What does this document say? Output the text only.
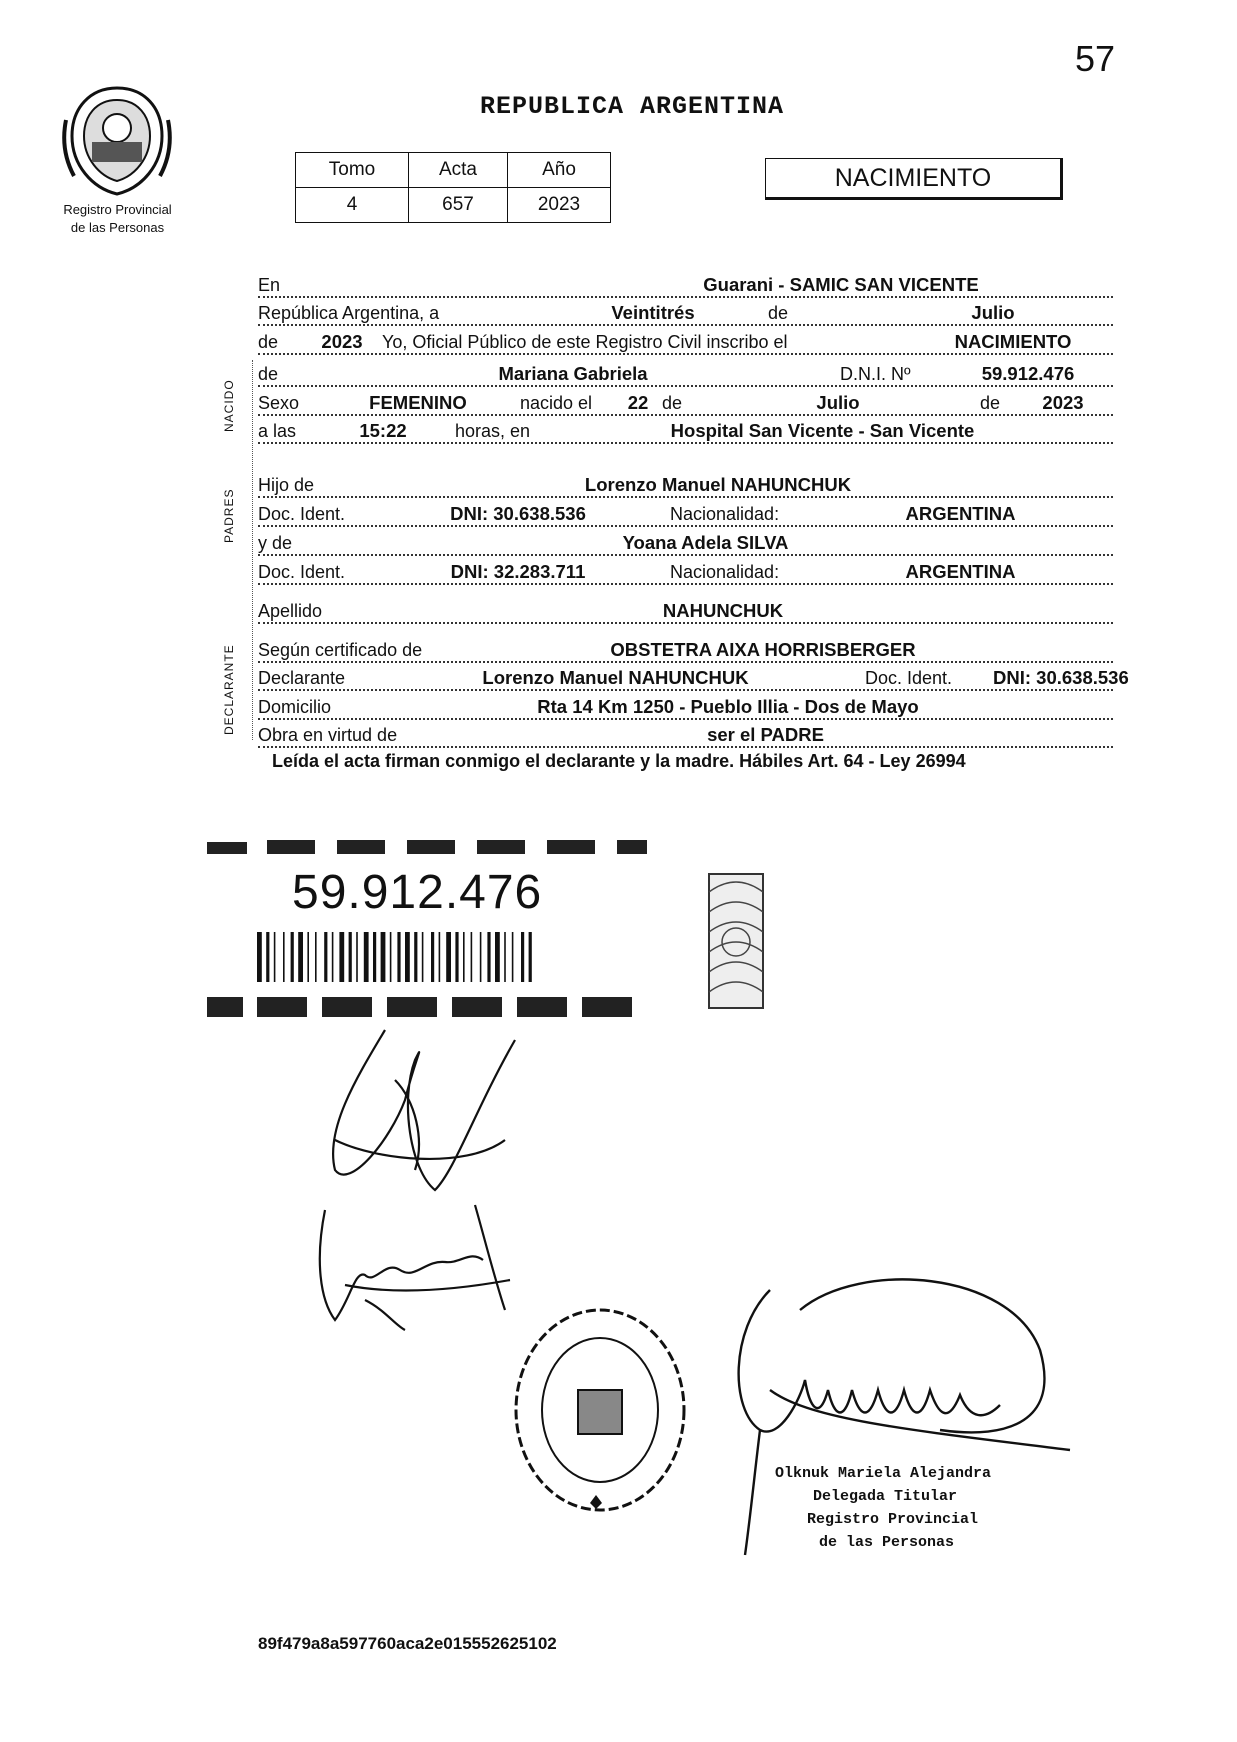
57
REPUBLICA ARGENTINA
Registro Provincial
de las Personas
Tomo	Acta	Año
4	657	2023
NACIMIENTO
NACIDO
PADRES
DECLARANTE
En	Guarani - SAMIC SAN VICENTE
República Argentina, a	Veintitrés	de	Julio
de	2023	Yo, Oficial Público de este Registro Civil inscribo el	NACIMIENTO
de	Mariana Gabriela	D.N.I. Nº	59.912.476
Sexo	FEMENINO	nacido el	22 de	Julio	de	2023
a las	15:22	horas, en	Hospital San Vicente - San Vicente
Hijo de	Lorenzo Manuel NAHUNCHUK
Doc. Ident.	DNI: 30.638.536	Nacionalidad:	ARGENTINA
y de	Yoana Adela SILVA
Doc. Ident.	DNI: 32.283.711	Nacionalidad:	ARGENTINA
Apellido	NAHUNCHUK
Según certificado de	OBSTETRA AIXA HORRISBERGER
Declarante	Lorenzo Manuel NAHUNCHUK	Doc. Ident. DNI: 30.638.536
Domicilio	Rta 14 Km 1250 - Pueblo Illia - Dos de Mayo
Obra en virtud de	ser el PADRE
Leída el acta firman conmigo el declarante y la madre. Hábiles Art. 64 - Ley 26994
59.912.476
Olknuk Mariela Alejandra
Delegada Titular
Registro Provincial
de las Personas
89f479a8a597760aca2e015552625102
